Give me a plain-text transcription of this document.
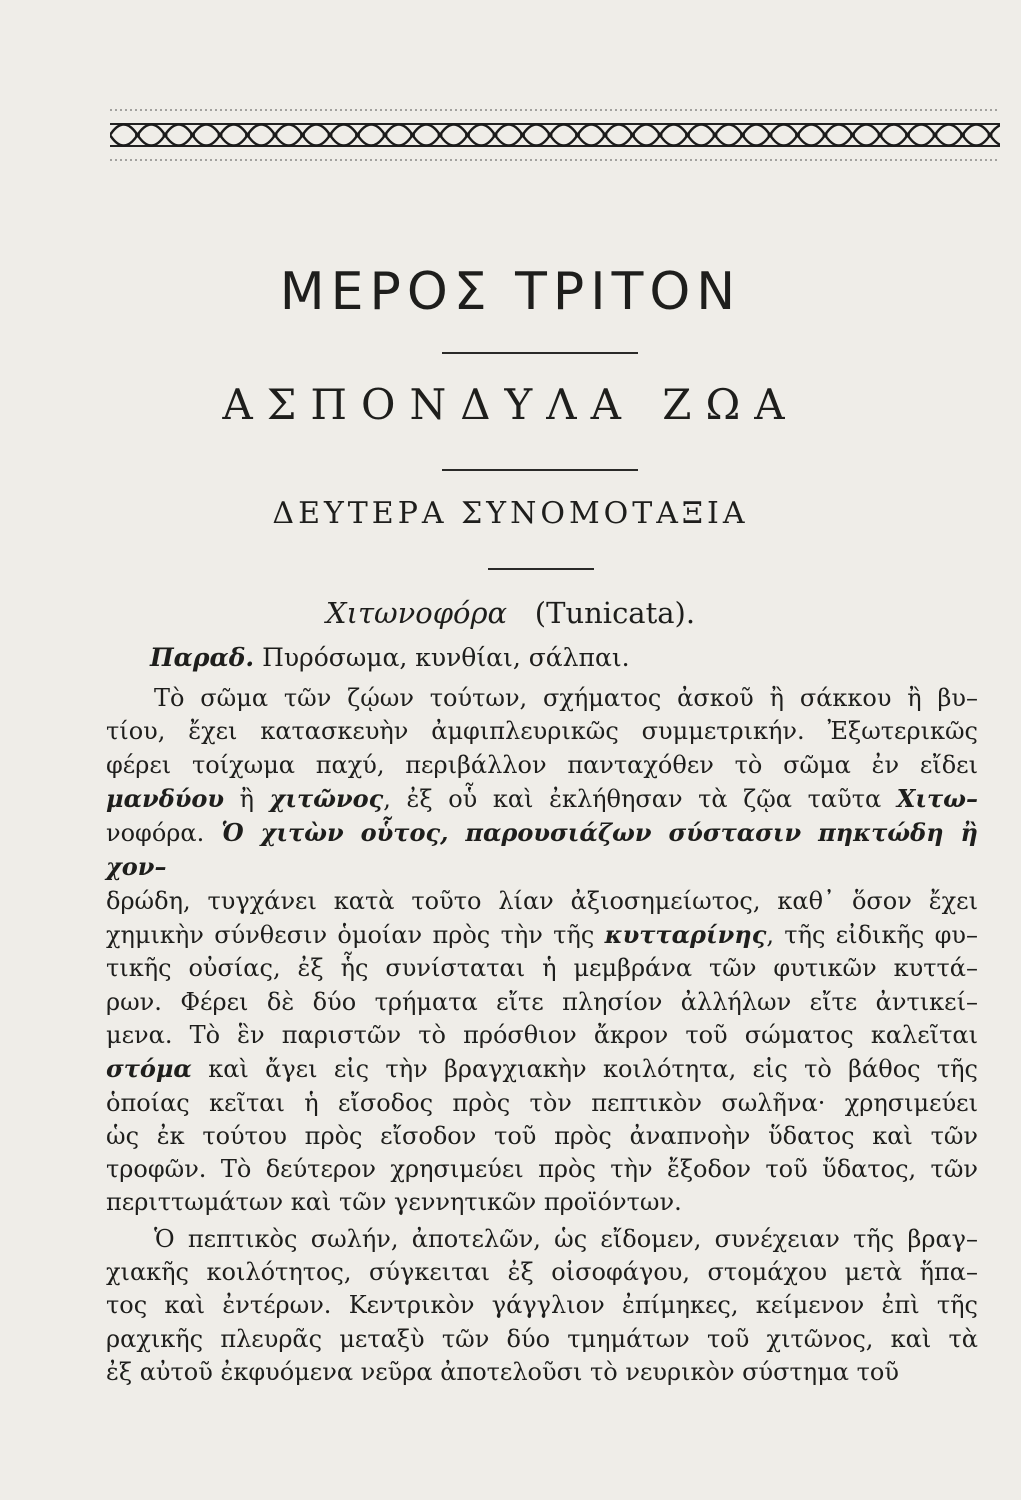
ΜΕΡΟΣ ΤΡΙΤΟΝ
ΑΣΠΟΝΔΥΛΑ ΖΩΑ
ΔΕΥΤΕΡΑ ΣΥΝΟΜΟΤΑΞΙΑ
Χιτωνοφόρα (Tunicata).
Παραδ. Πυρόσωμα, κυνθίαι, σάλπαι.

Τὸ σῶμα τῶν ζῴων τούτων, σχήματος ἀσκοῦ ἢ σάκκου ἢ βυ–
τίου, ἔχει κατασκευὴν ἀμφιπλευρικῶς συμμετρικήν. Ἐξωτερικῶς
φέρει τοίχωμα παχύ, περιβάλλον πανταχόθεν τὸ σῶμα ἐν εἴδει
μανδύου ἢ χιτῶνος, ἐξ οὗ καὶ ἐκλήθησαν τὰ ζῷα ταῦτα Χιτω–
νοφόρα. Ὁ χιτὼν οὗτος, παρουσιάζων σύστασιν πηκτώδη ἢ χον–
δρώδη, τυγχάνει κατὰ τοῦτο λίαν ἀξιοσημείωτος, καθ᾽ ὅσον ἔχει
χημικὴν σύνθεσιν ὁμοίαν πρὸς τὴν τῆς κυτταρίνης, τῆς εἰδικῆς φυ–
τικῆς οὐσίας, ἐξ ἧς συνίσταται ἡ μεμβράνα τῶν φυτικῶν κυττά–
ρων. Φέρει δὲ δύο τρήματα εἴτε πλησίον ἀλλήλων εἴτε ἀντικεί–
μενα. Τὸ ἓν παριστῶν τὸ πρόσθιον ἄκρον τοῦ σώματος καλεῖται
στόμα καὶ ἄγει εἰς τὴν βραγχιακὴν κοιλότητα, εἰς τὸ βάθος τῆς
ὁποίας κεῖται ἡ εἴσοδος πρὸς τὸν πεπτικὸν σωλῆνα· χρησιμεύει
ὡς ἐκ τούτου πρὸς εἴσοδον τοῦ πρὸς ἀναπνοὴν ὕδατος καὶ τῶν
τροφῶν. Τὸ δεύτερον χρησιμεύει πρὸς τὴν ἔξοδον τοῦ ὕδατος, τῶν
περιττωμάτων καὶ τῶν γεννητικῶν προϊόντων.

Ὁ πεπτικὸς σωλήν, ἀποτελῶν, ὡς εἴδομεν, συνέχειαν τῆς βραγ–
χιακῆς κοιλότητος, σύγκειται ἐξ οἰσοφάγου, στομάχου μετὰ ἥπα–
τος καὶ ἐντέρων. Κεντρικὸν γάγγλιον ἐπίμηκες, κείμενον ἐπὶ τῆς
ραχικῆς πλευρᾶς μεταξὺ τῶν δύο τμημάτων τοῦ χιτῶνος, καὶ τὰ
ἐξ αὐτοῦ ἐκφυόμενα νεῦρα ἀποτελοῦσι τὸ νευρικὸν σύστημα τοῦ
